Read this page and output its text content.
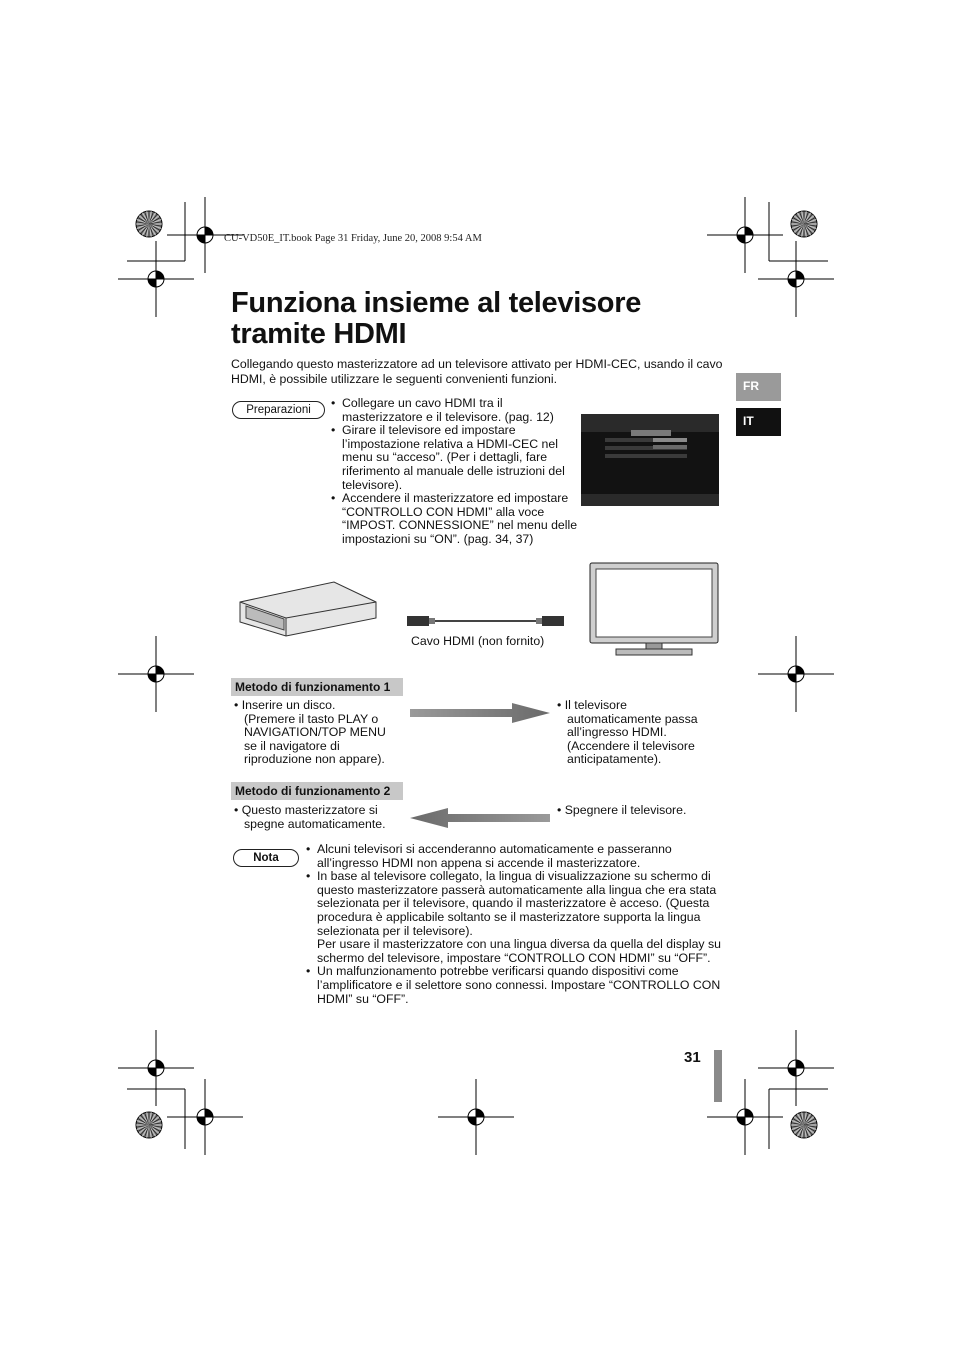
CU-VD50E_IT.book Page 31 Friday, June 20, 2008 9:54 AM
Funziona insieme al televisore
tramite HDMI
Collegando questo masterizzatore ad un televisore attivato per HDMI-CEC, usando il cavo HDMI, è possibile utilizzare le seguenti convenienti funzioni.	FR
IT
Preparazioni
•	Collegare un cavo HDMI tra il masterizzatore e il televisore. (pag. 12)
• Girare il televisore ed impostare l’impostazione relativa a HDMI-CEC nel menu su “acceso”. (Per i dettagli, fare riferimento al manuale delle istruzioni del televisore).
• Accendere il masterizzatore ed impostare “CONTROLLO CON HDMI” alla voce “IMPOST. CONNESSIONE” nel menu delle impostazioni su “ON”. (pag. 34, 37)
Cavo HDMI (non fornito)
Metodo di funzionamento 1
• Inserire un disco.
(Premere il tasto PLAY o
NAVIGATION/TOP MENU
se il navigatore di
riproduzione non appare).
• Il televisore
automaticamente passa
all’ingresso HDMI.
(Accendere il televisore
anticipatamente).
Metodo di funzionamento 2
• Questo masterizzatore si
spegne automaticamente.
• Spegnere il televisore.
Nota
• Alcuni televisori si accenderanno automaticamente e passeranno all’ingresso HDMI non appena si accende il masterizzatore.
• In base al televisore collegato, la lingua di visualizzazione su schermo di questo masterizzatore passerà automaticamente alla lingua che era stata selezionata per il televisore, quando il masterizzatore è acceso. (Questa procedura è applicabile soltanto se il masterizzatore supporta la lingua selezionata per il televisore).
Per usare il masterizzatore con una lingua diversa da quella del display su schermo del televisore, impostare “CONTROLLO CON HDMI” su “OFF”.
• Un malfunzionamento potrebbe verificarsi quando dispositivi come l’amplificatore e il selettore sono connessi. Impostare “CONTROLLO CON HDMI” su “OFF”.
31
